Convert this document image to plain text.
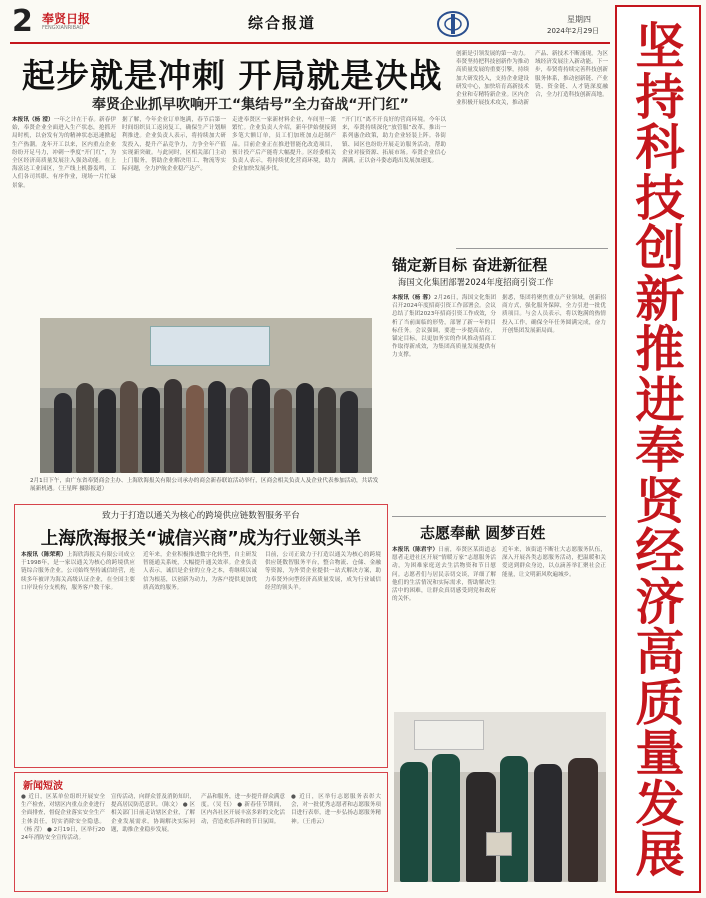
2 奉贤日报
FENGXIANRIBAO	综合报道	星期四
2024年2月29日 坚持科技创新推进奉贤经济高质量发展
起步就是冲刺 开局就是决战
奉贤企业抓早吹响开工“集结号”全力奋战“开门红”
本报讯（杨 滢）一年之计在于春。新春伊始，奉贤企业全面进入生产状态，抢抓开局时机，以奋发有为的精神状态迅速掀起生产热潮。龙年开工以来，区内重点企业纷纷开足马力，冲刺一季度“开门红”，为全区经济高质量发展注入强劲动能。在上海富达工业园区，生产线上机器轰鸣，工人们各司其职、有序作业，现场一片忙碌景象。
据了解，今年企业订单饱满，春节后第一时间组织员工返岗复工，确保生产计划顺利推进。企业负责人表示，将持续加大研发投入，提升产品竞争力，力争全年产值实现新突破。与此同时，区相关部门主动上门服务，帮助企业解决用工、物流等实际问题，全力护航企业稳产达产。
走进奉贤区一家新材料企业，车间里一派繁忙。企业负责人介绍，新年伊始便接到多笔大额订单，员工们加班加点赶制产品。目前企业正在推进智能化改造项目，预计投产后产能将大幅提升。区经委相关负责人表示，将持续优化营商环境，助力企业加快发展步伐。
“开门红”离不开良好的营商环境。今年以来，奉贤持续深化“放管服”改革，推出一系列惠企政策，助力企业轻装上阵。各街镇、园区也纷纷开展走访服务活动，帮助企业对接资源、拓展市场。奉贤企业信心满满，正以奋斗姿态跑出发展加速度。
创新是引领发展的第一动力。奉贤坚持把科技创新作为推动高质量发展的重要引擎，持续加大研发投入，支持企业建设研发中心，加快培育高新技术企业和专精特新企业。区内企业积极开展技术攻关，推动新产品、新技术不断涌现，为区域经济发展注入新动能。下一步，奉贤将持续完善科技创新服务体系，推动创新链、产业链、资金链、人才链深度融合，全力打造科技创新高地。
2月1日下午，由广东省奉贤商会主办、上海欣海报关有限公司承办的商会新春联谊活动举行，区商会相关负责人及企业代表参加活动，共话发展新机遇。（王星晖 摄影报道）
锚定新目标 奋进新征程
海国文化集团部署2024年度招商引资工作
本报讯（杨 蓉）2月26日，海国文化集团召开2024年度招商引资工作部署会。会议总结了集团2023年招商引资工作成效，分析了当前面临的形势，部署了新一年的目标任务。会议强调，要进一步提高站位，锚定目标，以更加务实的作风推动招商工作取得新成效，为集团高质量发展提供有力支撑。
据悉，集团将聚焦重点产业领域，创新招商方式，强化服务保障，全力引进一批优质项目。与会人员表示，将以饱满的热情投入工作，确保全年任务圆满完成，奋力开创集团发展新局面。
致力于打造以通关为核心的跨境供应链数智服务平台
上海欣海报关“诚信兴商”成为行业领头羊
本报讯（陈荣莉）上海欣海报关有限公司成立于1998年，是一家以通关为核心的跨境供应链综合服务企业。公司始终坚持诚信经营，连续多年被评为海关高级认证企业，在全国主要口岸设有分支机构，服务客户数千家。
近年来，企业积极推进数字化转型，自主研发智能通关系统，大幅提升通关效率。企业负责人表示，诚信是企业的立身之本，将继续以诚信为根基，以创新为动力，为客户提供更加优质高效的服务。
目前，公司正致力于打造以通关为核心的跨境供应链数智服务平台，整合物流、仓储、金融等资源，为外贸企业提供一站式解决方案，助力奉贤外向型经济高质量发展，成为行业诚信经营的领头羊。
志愿奉献 圆梦百姓
本报讯（陈君宇）日前，奉贤区某街道志愿者走进社区开展“情暖万家”志愿服务活动，为困难家庭送去生活物资和节日慰问。志愿者们与居民亲切交谈，详细了解他们的生活情况和实际需求，帮助解决生活中的困难，让群众真切感受到党和政府的关怀。
近年来，该街道不断壮大志愿服务队伍，深入开展各类志愿服务活动，把温暖和关爱送到群众身边，以点滴善举汇聚社会正能量，让文明新风吹遍城乡。
新闻短波
● 近日，区某单位组织开展安全生产检查，对辖区内重点企业进行全面排查，督促企业落实安全生产主体责任，切实消除安全隐患。（杨 滢） ● 2月19日，区举行2024年消防安全宣传活动。
宣传活动，向群众普及消防知识，提高居民防范意识。（陈文） ● 区相关部门日前走访辖区企业，了解企业发展需求，协调解决实际问题，助推企业稳步发展。
产品和服务，进一步提升群众满意度。（吴 钰） ● 新春佳节期间，区内各社区开展丰富多彩的文化活动，营造欢乐祥和的节日氛围。
● 近日，区举行志愿服务表彰大会，对一批优秀志愿者和志愿服务项目进行表彰，进一步弘扬志愿服务精神。（王甫云）
